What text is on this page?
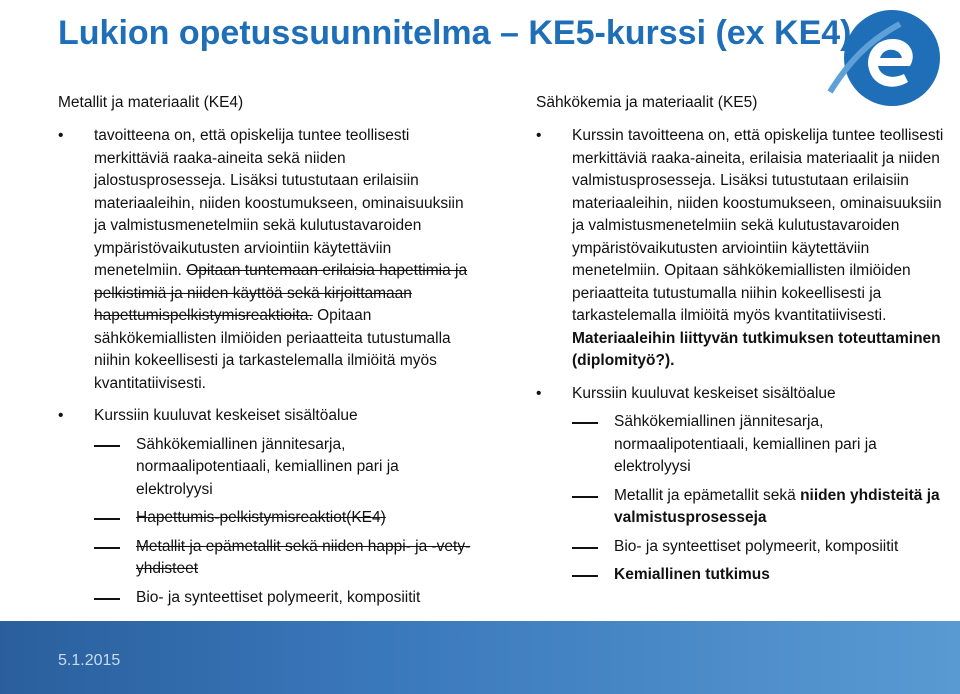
Lukion opetussuunnitelma – KE5-kurssi (ex KE4)
Metallit ja materiaalit (KE4)
• tavoitteena on, että opiskelija tuntee teollisesti merkittäviä raaka-aineita sekä niiden jalostusprosesseja. Lisäksi tutustutaan erilaisiin materiaaleihin, niiden koostumukseen, ominaisuuksiin ja valmistusmenetelmiin sekä kulutustavaroiden ympäristövaikutusten arviointiin käytettäviin menetelmiin. Opitaan tuntemaan erilaisia hapettimia ja pelkistimiä ja niiden käyttöä sekä kirjoittamaan hapettumispelkistymisreaktioita. Opitaan sähkökemiallisten ilmiöiden periaatteita tutustumalla niihin kokeellisesti ja tarkastelemalla ilmiöitä myös kvantitatiivisesti.
• Kurssiin kuuluvat keskeiset sisältöalue
Sähkökemiallinen jännitesarja, normaalipotentiaali, kemiallinen pari ja elektrolyysi
Hapettumis-pelkistymisreaktiot(KE4)
Metallit ja epämetallit sekä niiden happi- ja -vety-yhdisteet
Bio- ja synteettiset polymeerit, komposiitit
Sähkökemia ja materiaalit (KE5)
• Kurssin tavoitteena on, että opiskelija tuntee teollisesti merkittäviä raaka-aineita, erilaisia materiaalit ja niiden valmistusprosesseja. Lisäksi tutustutaan erilaisiin materiaaleihin, niiden koostumukseen, ominaisuuksiin ja valmistusmenetelmiin sekä kulutustavaroiden ympäristövaikutusten arviointiin käytettäviin menetelmiin. Opitaan sähkökemiallisten ilmiöiden periaatteita tutustumalla niihin kokeellisesti ja tarkastelemalla ilmiöitä myös kvantitatiivisesti. Materiaaleihin liittyvän tutkimuksen toteuttaminen (diplomityö?).
• Kurssiin kuuluvat keskeiset sisältöalue
Sähkökemiallinen jännitesarja, normaalipotentiaali, kemiallinen pari ja elektrolyysi
Metallit ja epämetallit sekä niiden yhdisteitä ja valmistusprosesseja
Bio- ja synteettiset polymeerit, komposiitit
Kemiallinen tutkimus
5.1.2015
